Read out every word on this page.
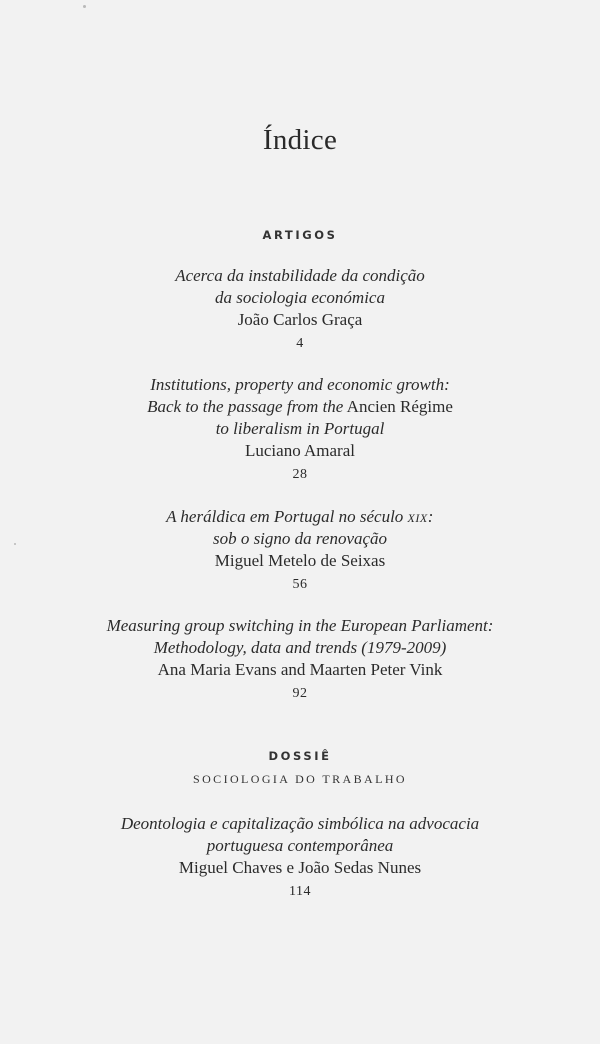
Índice
ARTIGOS
Acerca da instabilidade da condição
da sociologia económica
João Carlos Graça
4
Institutions, property and economic growth:
Back to the passage from the Ancien Régime
to liberalism in Portugal
Luciano Amaral
28
A heráldica em Portugal no século xix:
sob o signo da renovação
Miguel Metelo de Seixas
56
Measuring group switching in the European Parliament:
Methodology, data and trends (1979-2009)
Ana Maria Evans and Maarten Peter Vink
92
DOSSIÊ
SOCIOLOGIA DO TRABALHO
Deontologia e capitalização simbólica na advocacia
portuguesa contemporânea
Miguel Chaves e João Sedas Nunes
114
